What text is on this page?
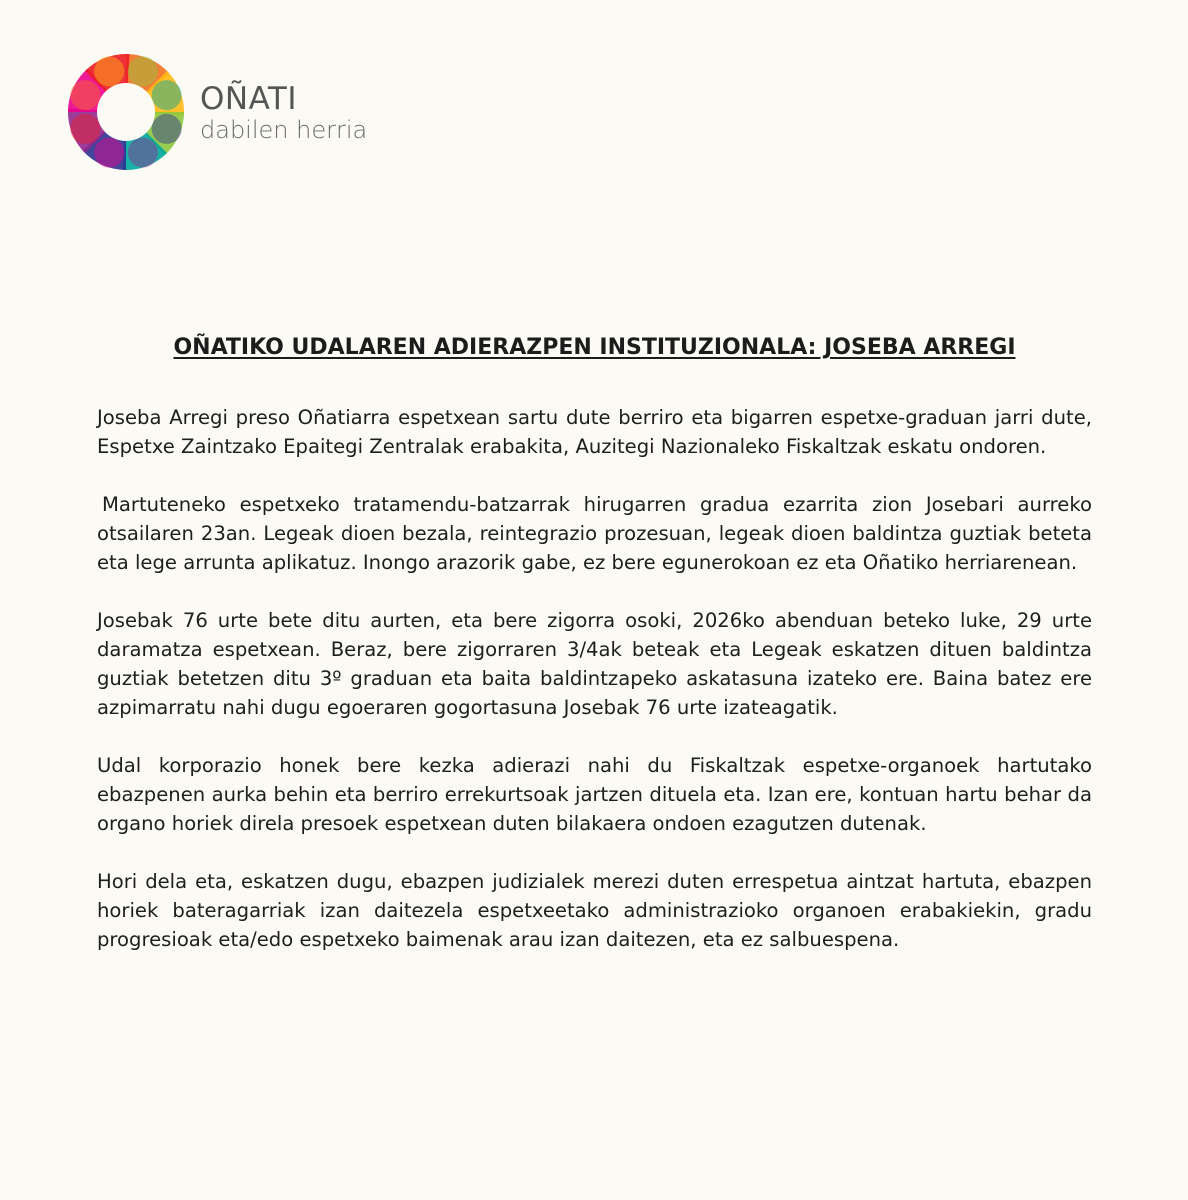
OÑATI
dabilen herria
OÑATIKO UDALAREN ADIERAZPEN INSTITUZIONALA: JOSEBA ARREGI

Joseba Arregi preso Oñatiarra espetxean sartu dute berriro eta bigarren espetxe-graduan jarri dute, Espetxe Zaintzako Epaitegi Zentralak erabakita, Auzitegi Nazionaleko Fiskaltzak eskatu ondoren.

Martuteneko espetxeko tratamendu-batzarrak hirugarren gradua ezarrita zion Josebari aurreko otsailaren 23an. Legeak dioen bezala, reintegrazio prozesuan, legeak dioen baldintza guztiak beteta eta lege arrunta aplikatuz. Inongo arazorik gabe, ez bere egunerokoan ez eta Oñatiko herriarenean.

Josebak 76 urte bete ditu aurten, eta bere zigorra osoki, 2026ko abenduan beteko luke, 29 urte daramatza espetxean. Beraz, bere zigorraren 3/4ak beteak eta Legeak eskatzen dituen baldintza guztiak betetzen ditu 3º graduan eta baita baldintzapeko askatasuna izateko ere. Baina batez ere azpimarratu nahi dugu egoeraren gogortasuna Josebak 76 urte izateagatik.

Udal korporazio honek bere kezka adierazi nahi du Fiskaltzak espetxe-organoek hartutako ebazpenen aurka behin eta berriro errekurtsoak jartzen dituela eta. Izan ere, kontuan hartu behar da organo horiek direla presoek espetxean duten bilakaera ondoen ezagutzen dutenak.

Hori dela eta, eskatzen dugu, ebazpen judizialek merezi duten errespetua aintzat hartuta, ebazpen horiek bateragarriak izan daitezela espetxeetako administrazioko organoen erabakiekin, gradu progresioak eta/edo espetxeko baimenak arau izan daitezen, eta ez salbuespena.
